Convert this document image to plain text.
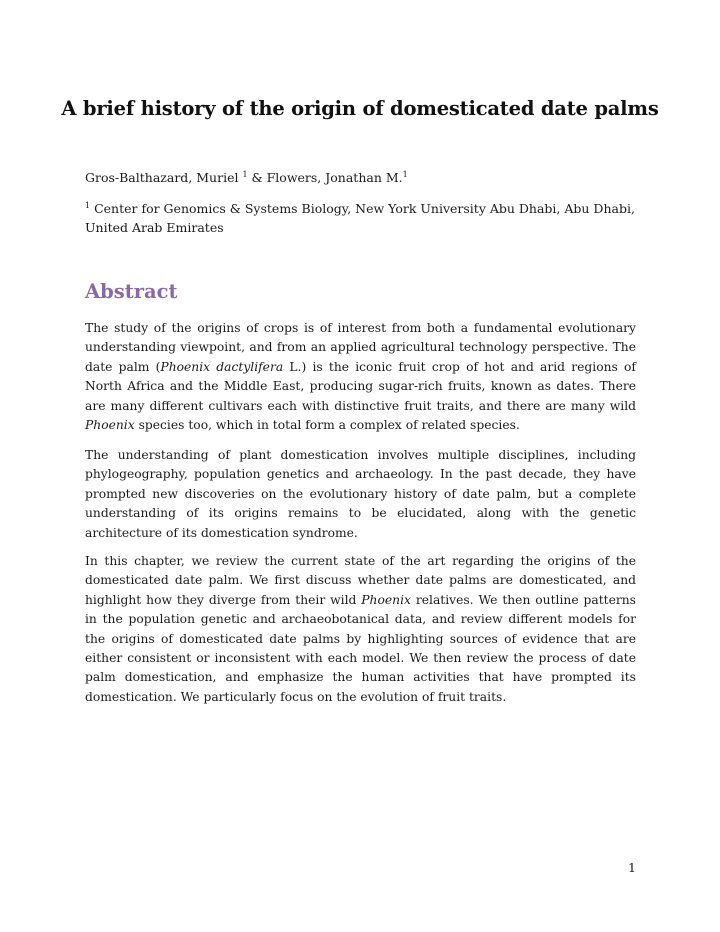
A brief history of the origin of domesticated date palms

Gros-Balthazard, Muriel $^1$ & Flowers, Jonathan M.$^1$

$^1$ Center for Genomics & Systems Biology, New York University Abu Dhabi, Abu Dhabi, United Arab Emirates

Abstract

The study of the origins of crops is of interest from both a fundamental evolutionary understanding viewpoint, and from an applied agricultural technology perspective. The date palm (Phoenix dactylifera L.) is the iconic fruit crop of hot and arid regions of North Africa and the Middle East, producing sugar-rich fruits, known as dates. There are many different cultivars each with distinctive fruit traits, and there are many wild Phoenix species too, which in total form a complex of related species.

The understanding of plant domestication involves multiple disciplines, including phylogeography, population genetics and archaeology. In the past decade, they have prompted new discoveries on the evolutionary history of date palm, but a complete understanding of its origins remains to be elucidated, along with the genetic architecture of its domestication syndrome.

In this chapter, we review the current state of the art regarding the origins of the domesticated date palm. We first discuss whether date palms are domesticated, and highlight how they diverge from their wild Phoenix relatives. We then outline patterns in the population genetic and archaeobotanical data, and review different models for the origins of domesticated date palms by highlighting sources of evidence that are either consistent or inconsistent with each model. We then review the process of date palm domestication, and emphasize the human activities that have prompted its domestication. We particularly focus on the evolution of fruit traits.

1
